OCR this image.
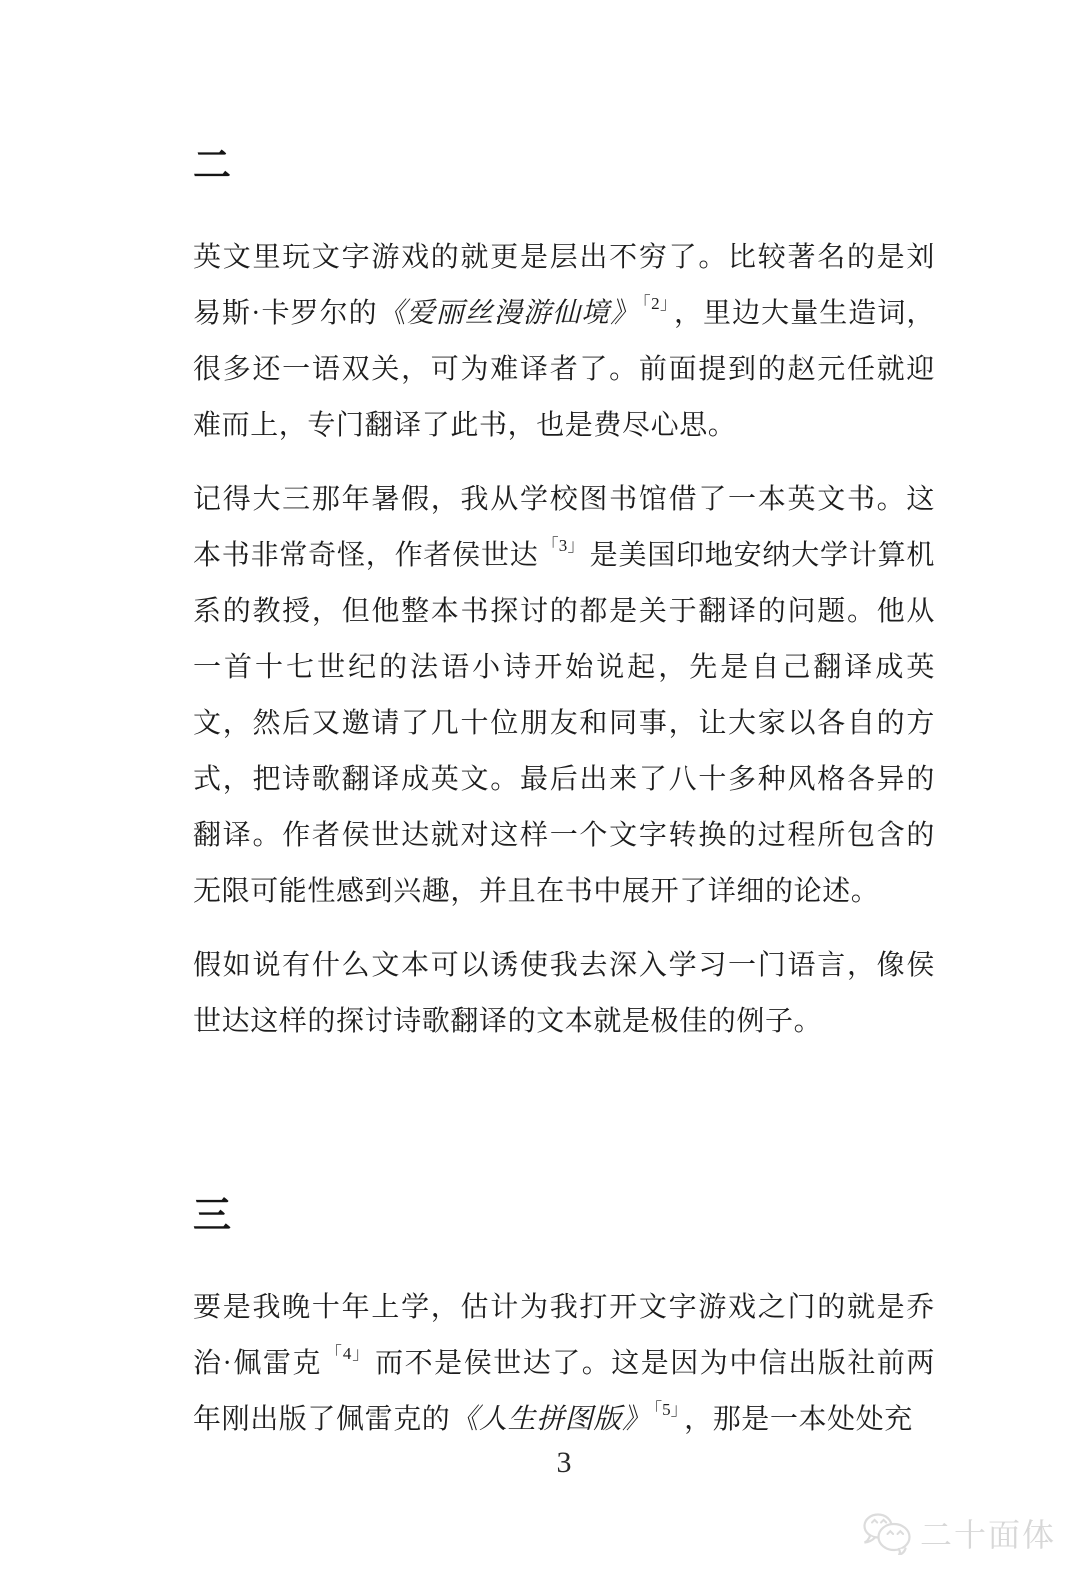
二

英文里玩文字游戏的就更是层出不穷了。比较著名的是刘易斯·卡罗尔的《爱丽丝漫游仙境》 $^{「2」}$ ，里边大量生造词，很多还一语双关，可为难译者了。前面提到的赵元任就迎难而上，专门翻译了此书，也是费尽心思。

记得大三那年暑假，我从学校图书馆借了一本英文书。这本书非常奇怪，作者侯世达 $^{「3」}$ 是美国印地安纳大学计算机系的教授，但他整本书探讨的都是关于翻译的问题。他从一首十七世纪的法语小诗开始说起，先是自己翻译成英文，然后又邀请了几十位朋友和同事，让大家以各自的方式，把诗歌翻译成英文。最后出来了八十多种风格各异的翻译。作者侯世达就对这样一个文字转换的过程所包含的无限可能性感到兴趣，并且在书中展开了详细的论述。

假如说有什么文本可以诱使我去深入学习一门语言，像侯世达这样的探讨诗歌翻译的文本就是极佳的例子。

三

要是我晚十年上学，估计为我打开文字游戏之门的就是乔治·佩雷克 $^{「4」}$ 而不是侯世达了。这是因为中信出版社前两年刚出版了佩雷克的《人生拼图版》 $^{「5」}$ ，那是一本处处充

3
二十面体
